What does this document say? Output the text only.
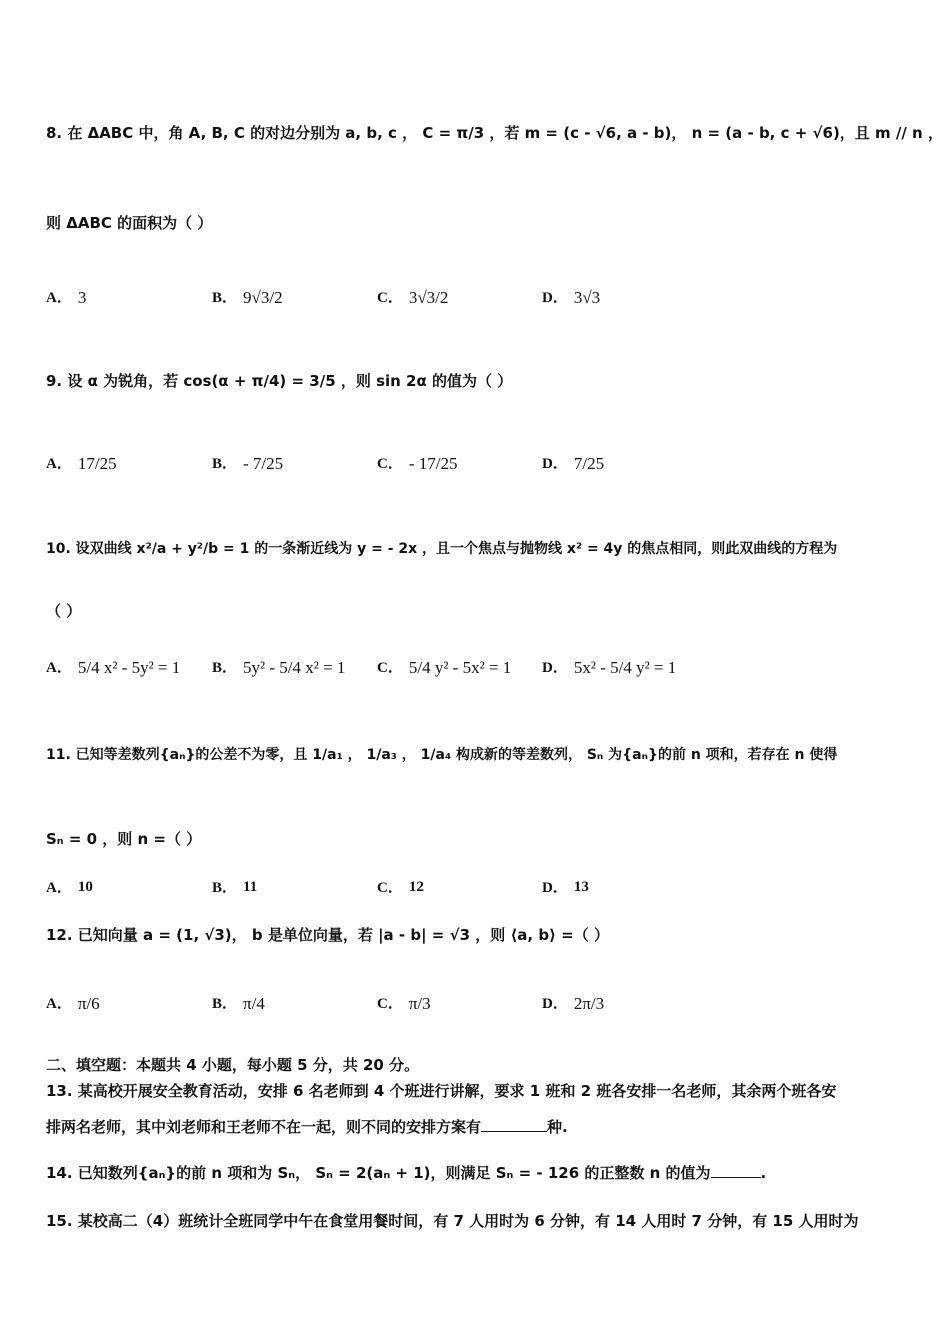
8. 在 ΔABC 中，角 A, B, C 的对边分别为 a, b, c ， C = π/3 ，若 m = (c - √6, a - b)， n = (a - b, c + √6)，且 m // n ，
则 ΔABC 的面积为（ ）
A． 3	B． 9√3/2	C． 3√3/2	D． 3√3
9. 设 α 为锐角，若 cos(α + π/4) = 3/5 ，则 sin 2α 的值为（ ）
A． 17/25	B． - 7/25	C． - 17/25	D． 7/25
10. 设双曲线 x²/a + y²/b = 1 的一条渐近线为 y = - 2x ，且一个焦点与抛物线 x² = 4y 的焦点相同，则此双曲线的方程为
（ ）
A． 5/4 x² - 5y² = 1 B． 5y² - 5/4 x² = 1 C． 5/4 y² - 5x² = 1 D． 5x² - 5/4 y² = 1
11. 已知等差数列{aₙ}的公差不为零，且 1/a₁ ， 1/a₃ ， 1/a₄ 构成新的等差数列， Sₙ 为{aₙ}的前 n 项和，若存在 n 使得
Sₙ = 0 ，则 n =（ ）
A． 10	B． 11	C． 12	D． 13
12. 已知向量 a = (1, √3)， b 是单位向量，若 |a - b| = √3 ，则 ⟨a, b⟩ =（ ）
A． π/6	B． π/4	C． π/3	D． 2π/3
二、填空题：本题共 4 小题，每小题 5 分，共 20 分。
13. 某高校开展安全教育活动，安排 6 名老师到 4 个班进行讲解，要求 1 班和 2 班各安排一名老师，其余两个班各安
排两名老师，其中刘老师和王老师不在一起，则不同的安排方案有	种.
14. 已知数列{aₙ}的前 n 项和为 Sₙ， Sₙ = 2(aₙ + 1)，则满足 Sₙ = - 126 的正整数 n 的值为	.
15. 某校高二（4）班统计全班同学中午在食堂用餐时间，有 7 人用时为 6 分钟，有 14 人用时 7 分钟，有 15 人用时为
